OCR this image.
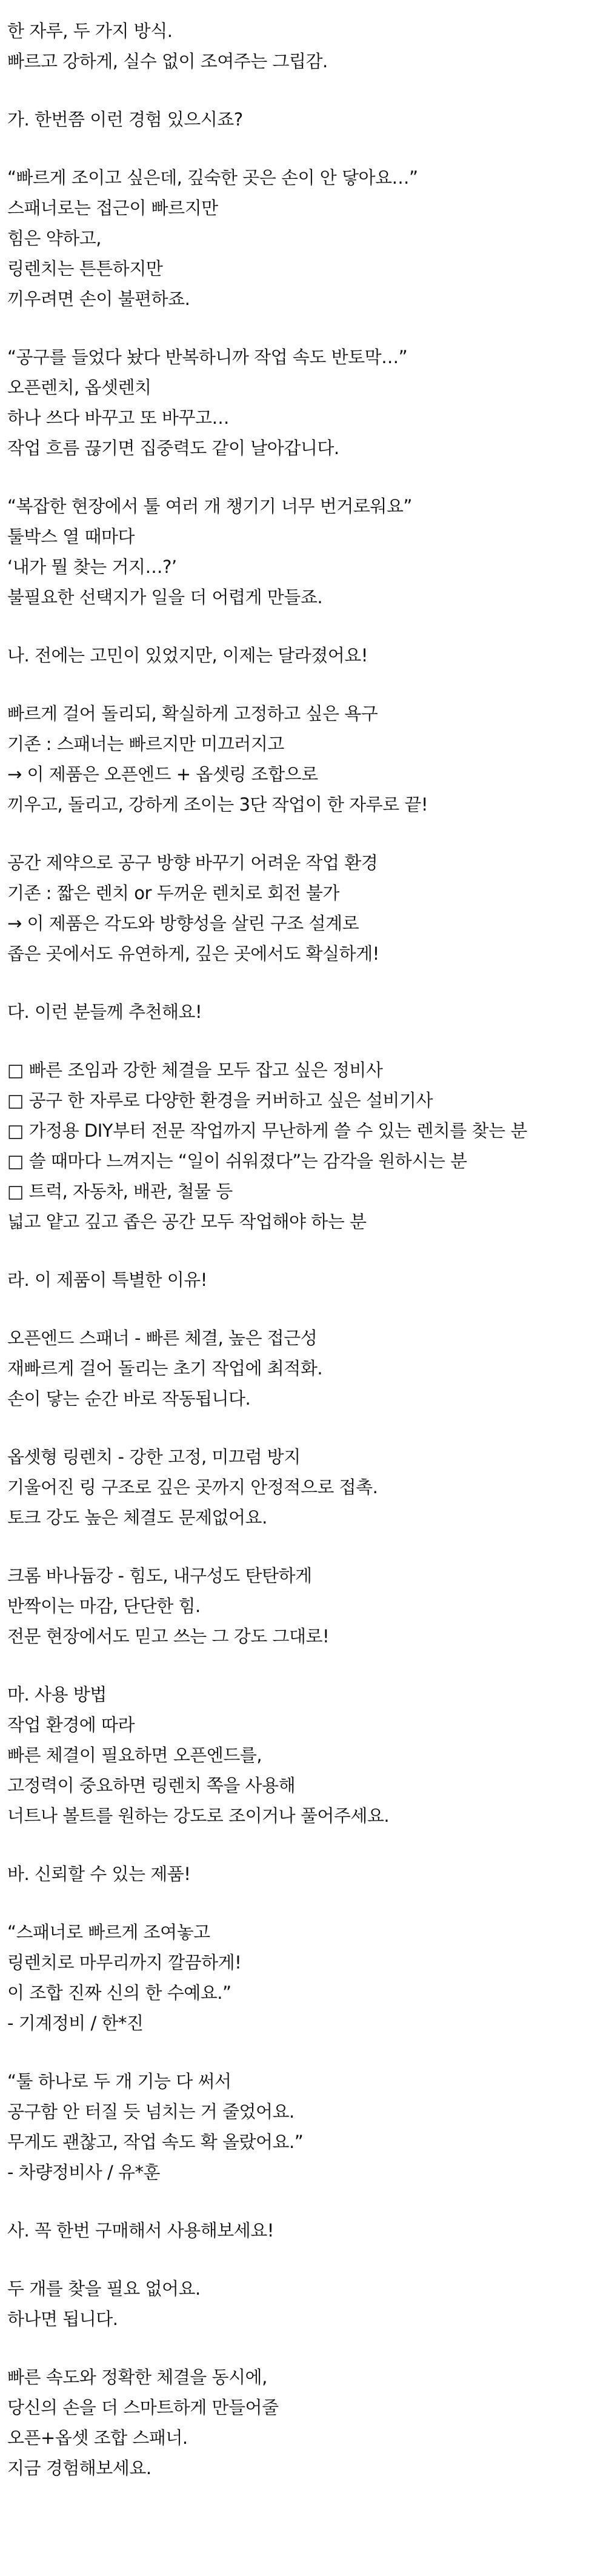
한 자루, 두 가지 방식.
빠르고 강하게, 실수 없이 조여주는 그립감.
가. 한번쯤 이런 경험 있으시죠?
“빠르게 조이고 싶은데, 깊숙한 곳은 손이 안 닿아요…”
스패너로는 접근이 빠르지만
힘은 약하고,
링렌치는 튼튼하지만
끼우려면 손이 불편하죠.
“공구를 들었다 놨다 반복하니까 작업 속도 반토막…”
오픈렌치, 옵셋렌치
하나 쓰다 바꾸고 또 바꾸고…
작업 흐름 끊기면 집중력도 같이 날아갑니다.
“복잡한 현장에서 툴 여러 개 챙기기 너무 번거로워요”
툴박스 열 때마다
‘내가 뭘 찾는 거지…?’
불필요한 선택지가 일을 더 어렵게 만들죠.
나. 전에는 고민이 있었지만, 이제는 달라졌어요!
빠르게 걸어 돌리되, 확실하게 고정하고 싶은 욕구
기존 : 스패너는 빠르지만 미끄러지고
→ 이 제품은 오픈엔드 + 옵셋링 조합으로
끼우고, 돌리고, 강하게 조이는 3단 작업이 한 자루로 끝!
공간 제약으로 공구 방향 바꾸기 어려운 작업 환경
기존 : 짧은 렌치 or 두꺼운 렌치로 회전 불가
→ 이 제품은 각도와 방향성을 살린 구조 설계로
좁은 곳에서도 유연하게, 깊은 곳에서도 확실하게!
다. 이런 분들께 추천해요!
□ 빠른 조임과 강한 체결을 모두 잡고 싶은 정비사
□ 공구 한 자루로 다양한 환경을 커버하고 싶은 설비기사
□ 가정용 DIY부터 전문 작업까지 무난하게 쓸 수 있는 렌치를 찾는 분
□ 쓸 때마다 느껴지는 “일이 쉬워졌다”는 감각을 원하시는 분
□ 트럭, 자동차, 배관, 철물 등
넓고 얕고 깊고 좁은 공간 모두 작업해야 하는 분
라. 이 제품이 특별한 이유!
오픈엔드 스패너 - 빠른 체결, 높은 접근성
재빠르게 걸어 돌리는 초기 작업에 최적화.
손이 닿는 순간 바로 작동됩니다.
옵셋형 링렌치 - 강한 고정, 미끄럼 방지
기울어진 링 구조로 깊은 곳까지 안정적으로 접촉.
토크 강도 높은 체결도 문제없어요.
크롬 바나듐강 - 힘도, 내구성도 탄탄하게
반짝이는 마감, 단단한 힘.
전문 현장에서도 믿고 쓰는 그 강도 그대로!
마. 사용 방법
작업 환경에 따라
빠른 체결이 필요하면 오픈엔드를,
고정력이 중요하면 링렌치 쪽을 사용해
너트나 볼트를 원하는 강도로 조이거나 풀어주세요.
바. 신뢰할 수 있는 제품!
“스패너로 빠르게 조여놓고
링렌치로 마무리까지 깔끔하게!
이 조합 진짜 신의 한 수예요.”
- 기계정비 / 한*진
“툴 하나로 두 개 기능 다 써서
공구함 안 터질 듯 넘치는 거 줄었어요.
무게도 괜찮고, 작업 속도 확 올랐어요.”
- 차량정비사 / 유*훈
사. 꼭 한번 구매해서 사용해보세요!
두 개를 찾을 필요 없어요.
하나면 됩니다.
빠른 속도와 정확한 체결을 동시에,
당신의 손을 더 스마트하게 만들어줄
오픈+옵셋 조합 스패너.
지금 경험해보세요.
